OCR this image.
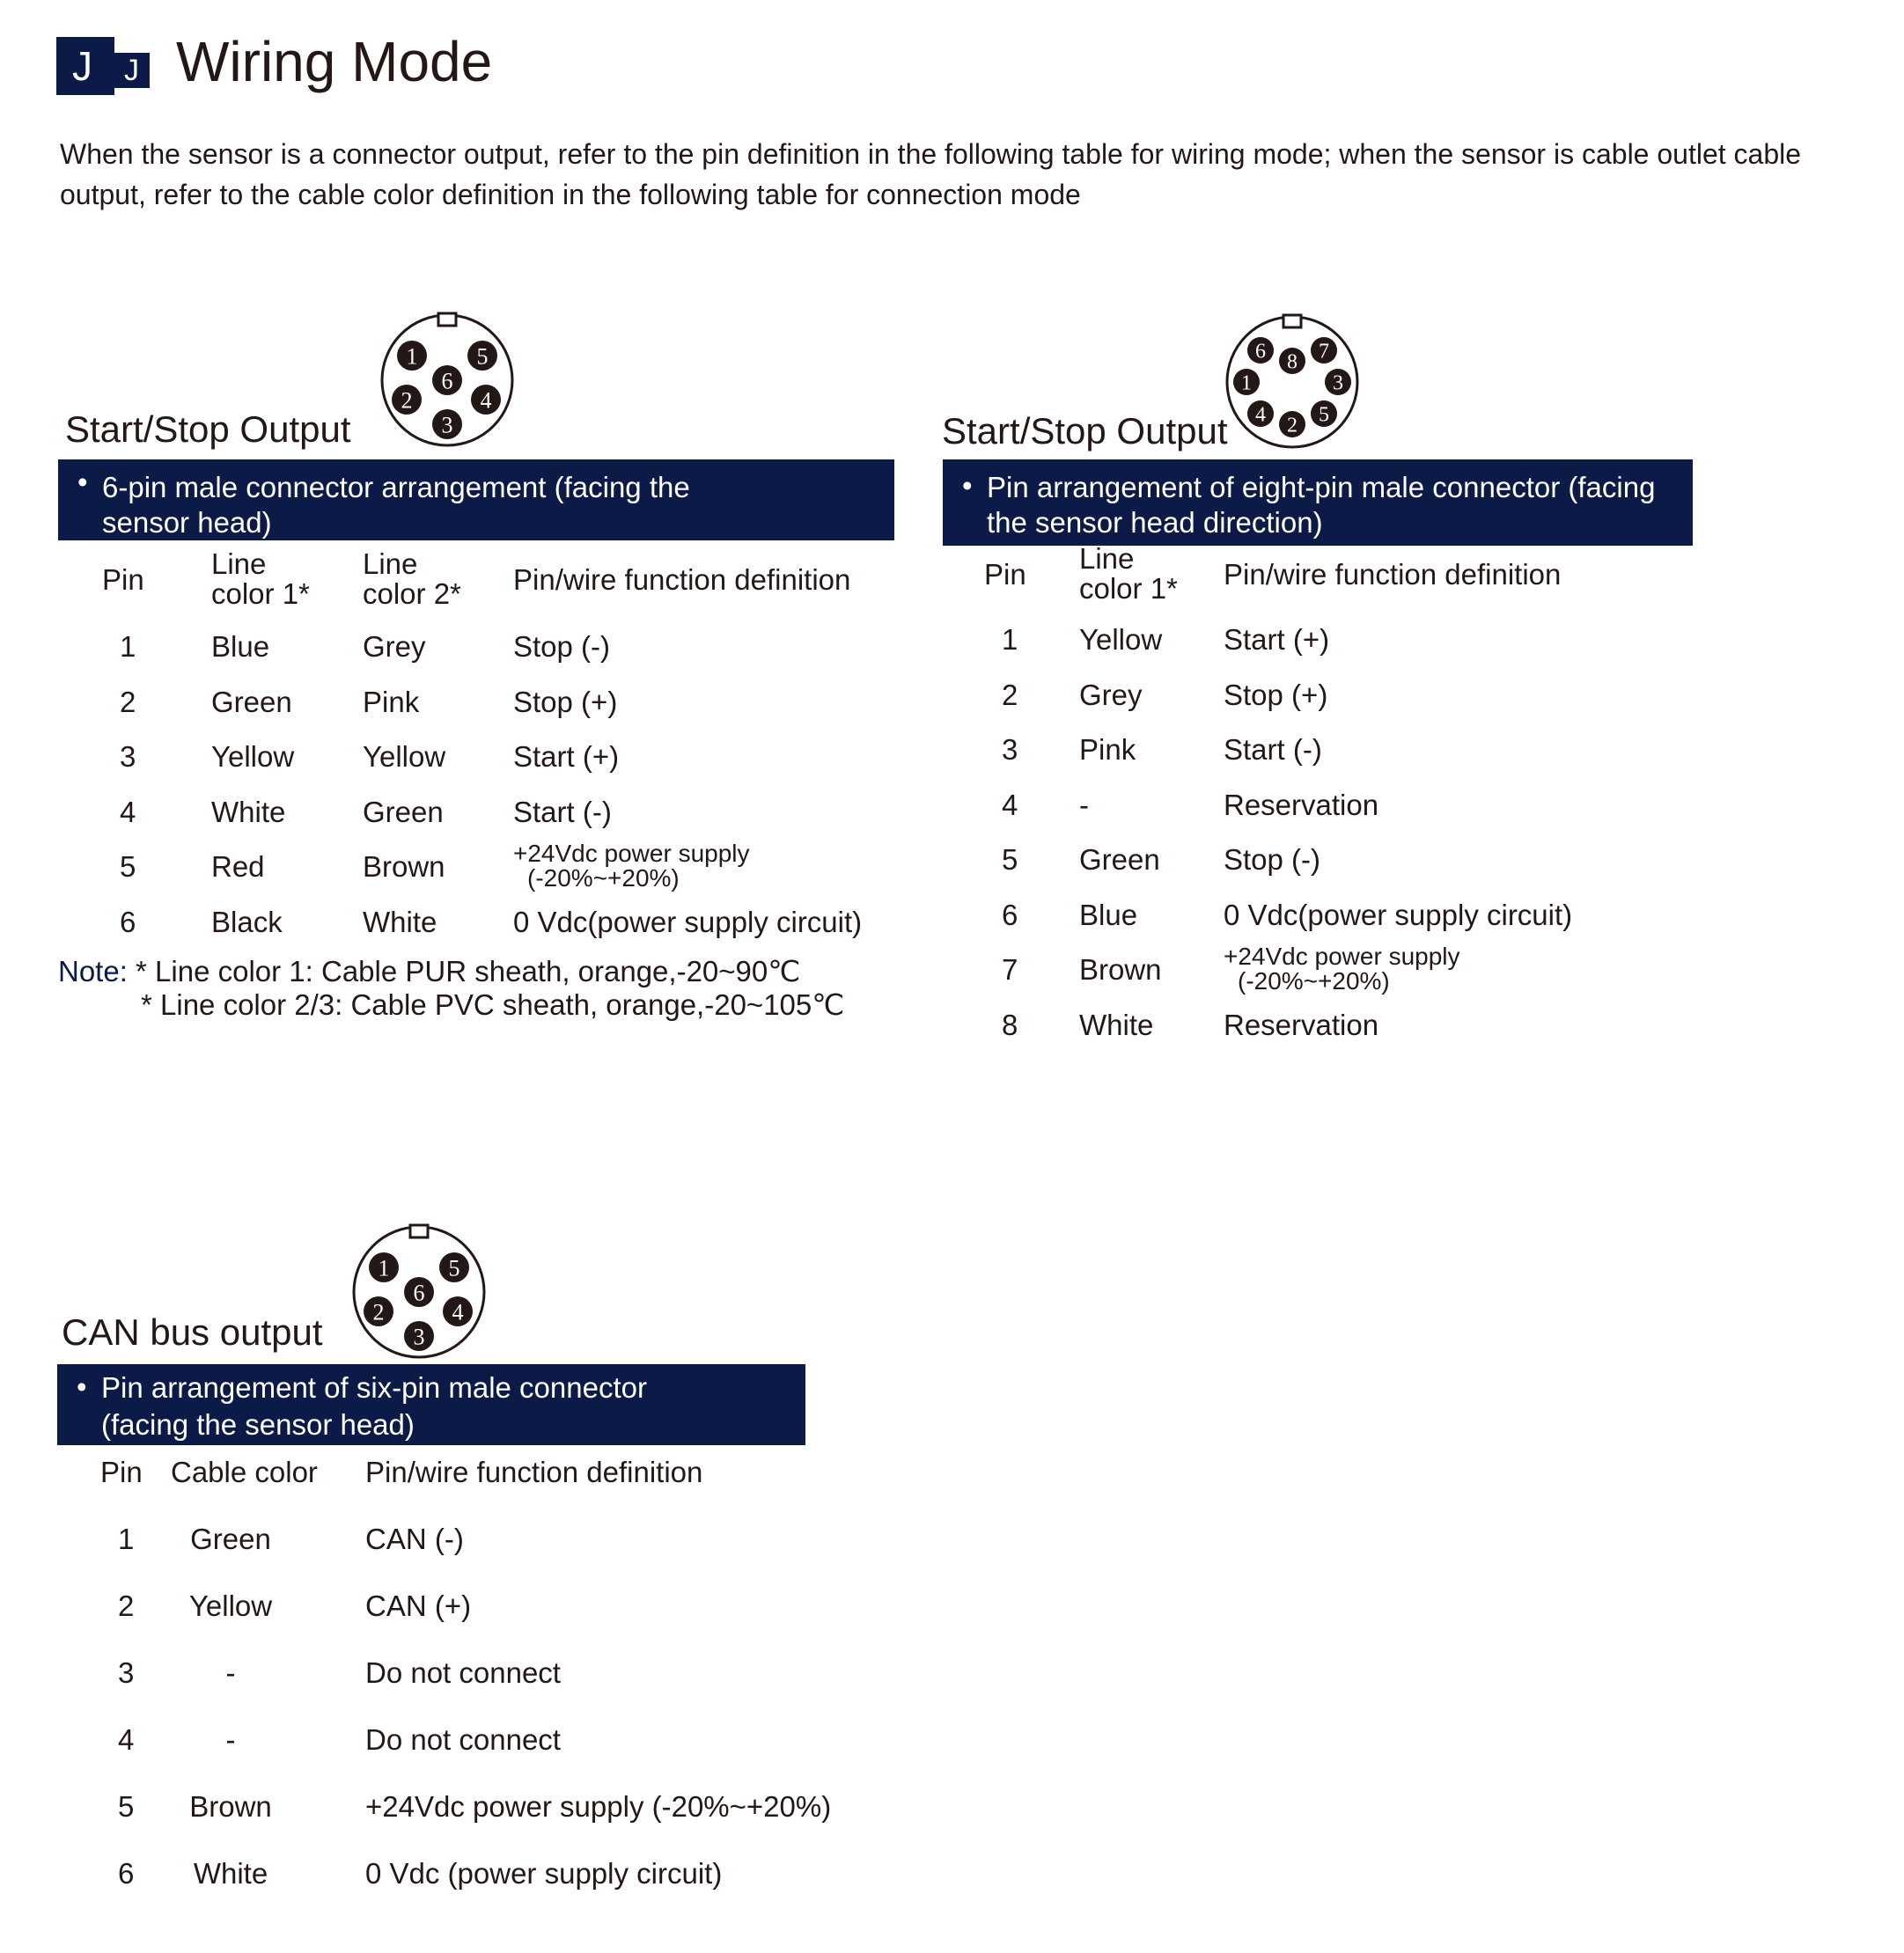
J J Wiring Mode
When the sensor is a connector output, refer to the pin definition in the following table for wiring mode; when the sensor is cable outlet cable output, refer to the cable color definition in the following table for connection mode
Start/Stop Output
1	5
6
2	4
3
• 6-pin male connector arrangement (facing the sensor head)
Note: * Line color 1: Cable PUR sheath, orange,-20~90℃
* Line color 2/3: Cable PVC sheath, orange,-20~105℃
Start/Stop Output
6 8 7
1	3
4 2 5
• Pin arrangement of eight-pin male connector (facing the sensor head direction)
CAN bus output
1	5
6
2	4
3
• Pin arrangement of six-pin male connector (facing the sensor head)
Pin Line
color 1*
Line
color 2* Pin/wire function definition
1	Blue	Grey	Stop (-)
2	Green Pink	Stop (+)
3	Yellow Yellow Start (+)
4	White	Green Start (-)
5	Red	Brown	+24Vdc power supply
(-20%~+20%)
6	Black	White	0 Vdc(power supply circuit)
Pin Line
color 1* Pin/wire function definition
1 Yellow Start (+)
2 Grey	Stop (+)
3 Pink	Start (-)
4 -	Reservation
5 Green Stop (-)
6 Blue	0 Vdc(power supply circuit)
7 Brown	+24Vdc power supply
(-20%~+20%)
8 White Reservation
Pin Cable color Pin/wire function definition
1	Green	CAN (-)
2	Yellow	CAN (+)
3	-	Do not connect
4	-	Do not connect
5	Brown	+24Vdc power supply (-20%~+20%)
6	White	0 Vdc (power supply circuit)
